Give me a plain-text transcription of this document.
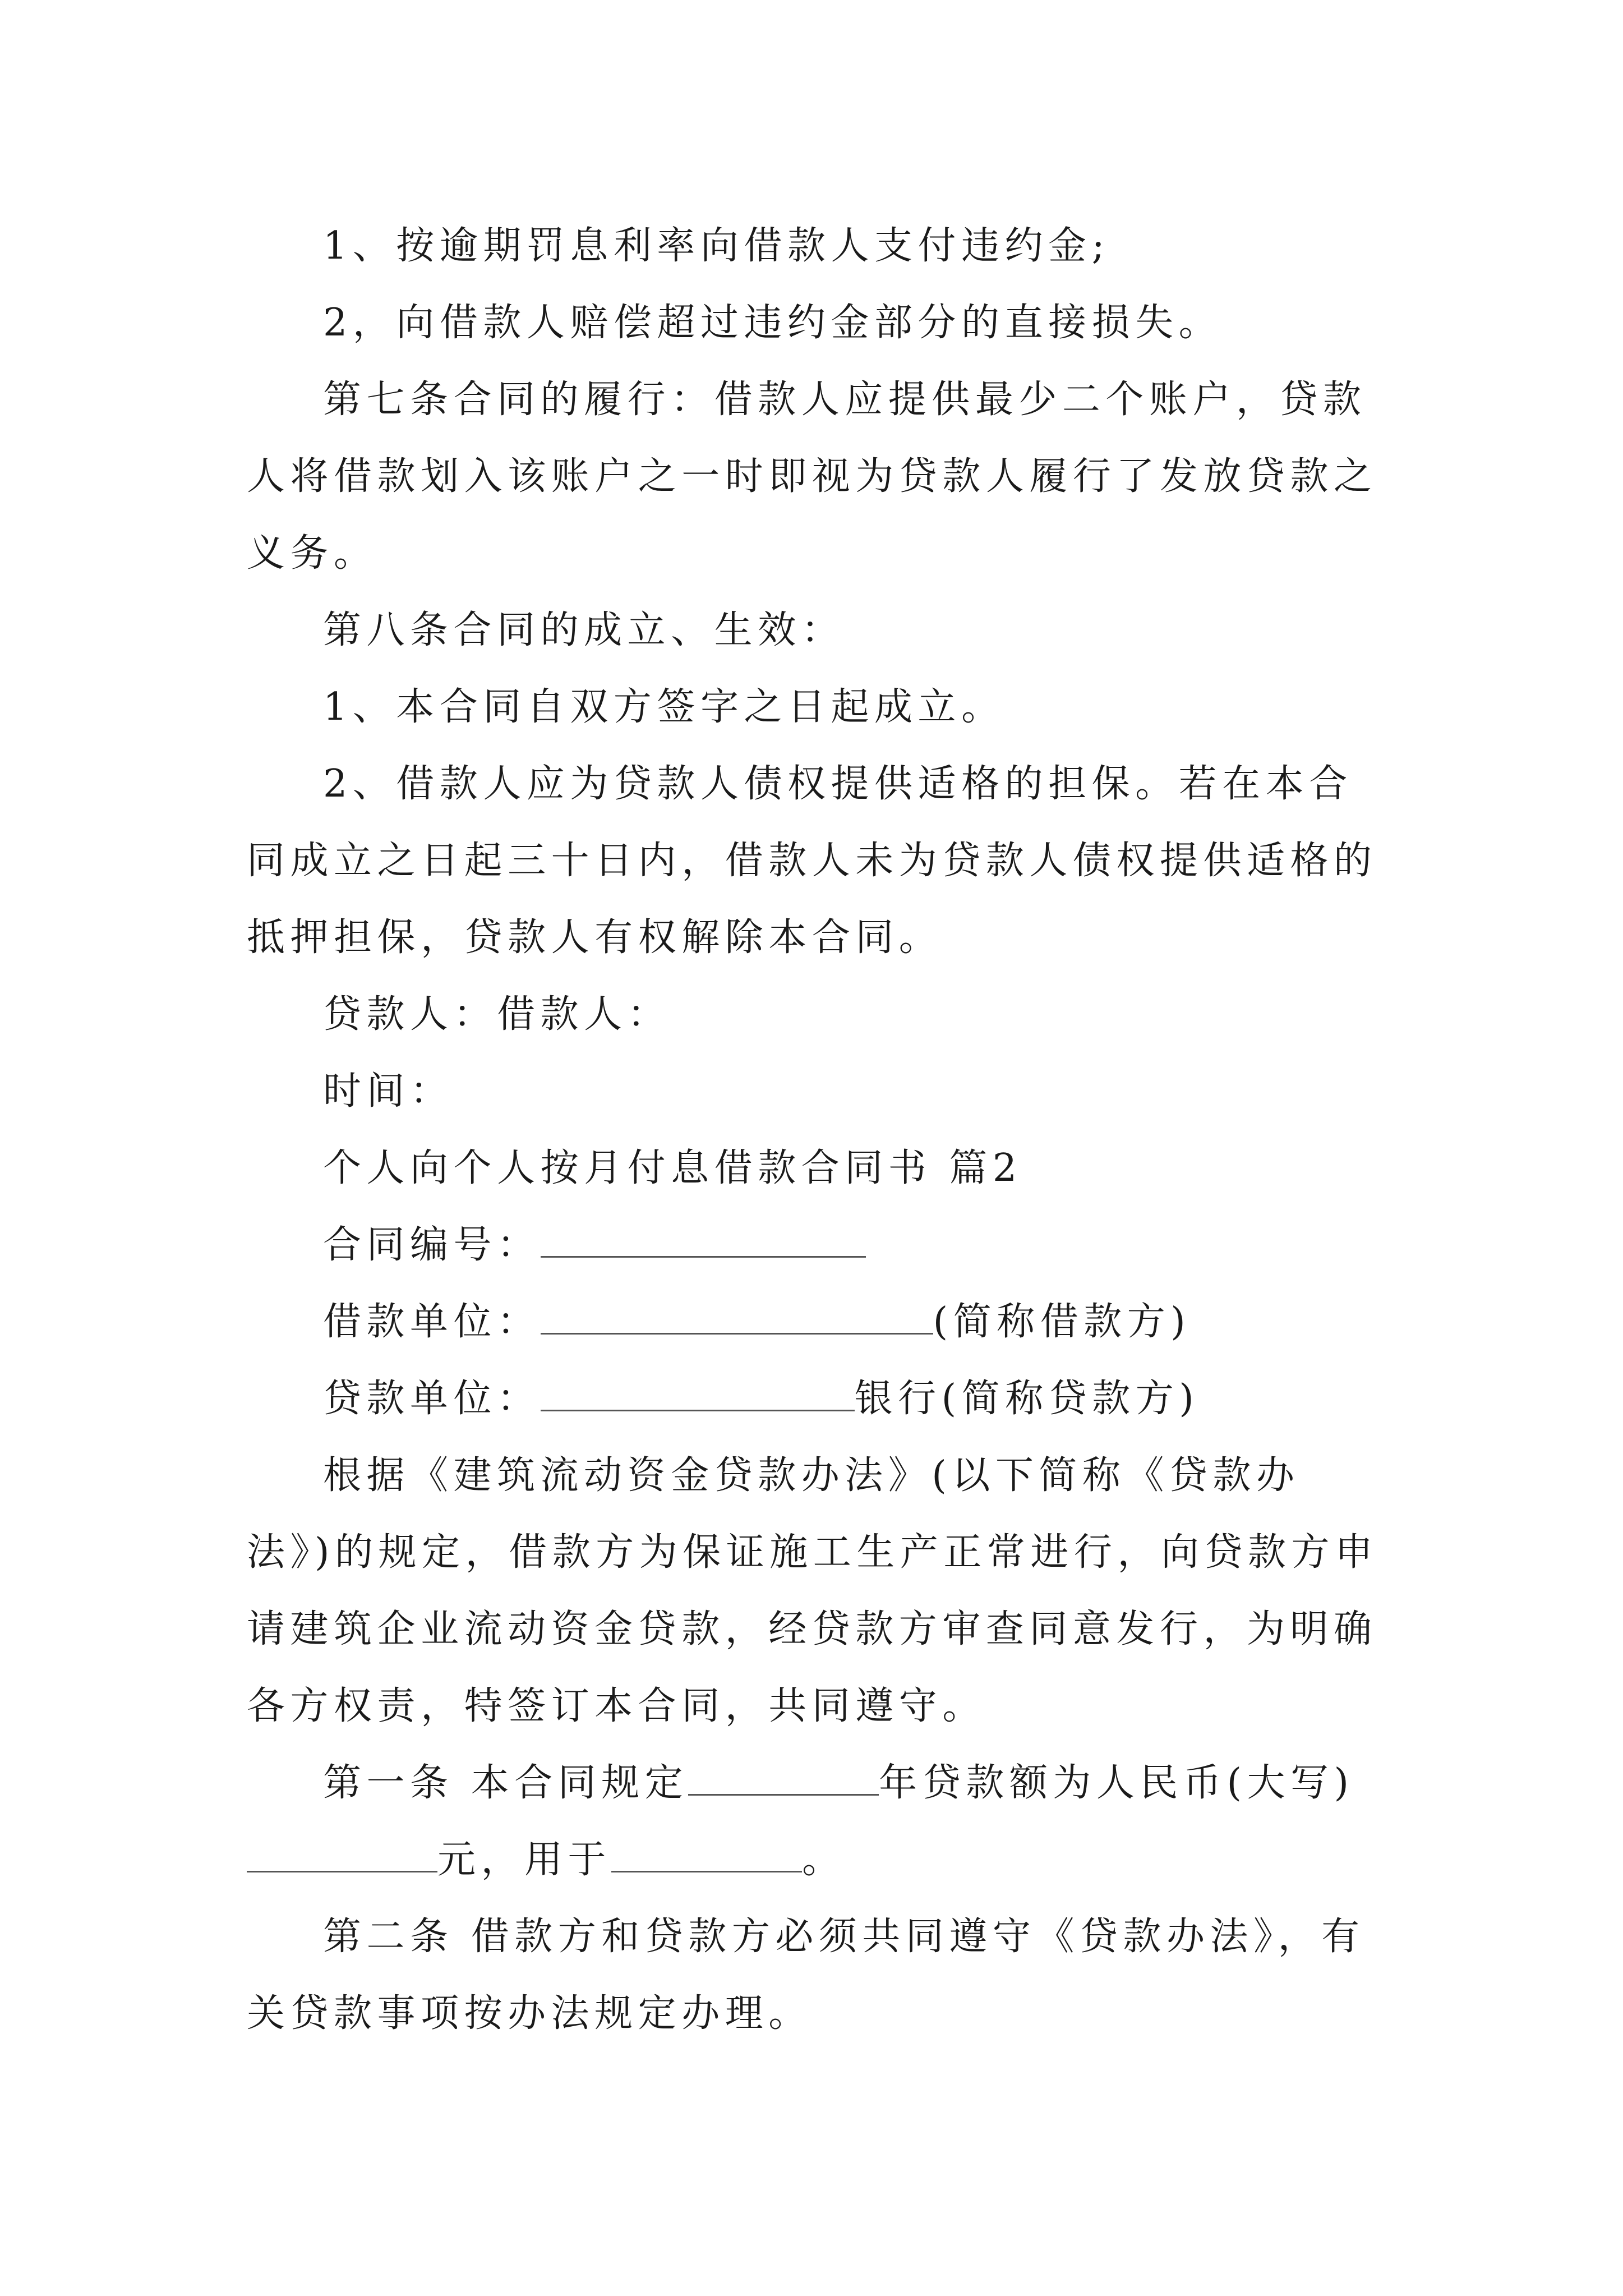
1、按逾期罚息利率向借款人支付违约金;

2，向借款人赔偿超过违约金部分的直接损失。

第七条合同的履行：借款人应提供最少二个账户，贷款人将借款划入该账户之一时即视为贷款人履行了发放贷款之义务。

第八条合同的成立、生效：

1、本合同自双方签字之日起成立。

2、借款人应为贷款人债权提供适格的担保。若在本合同成立之日起三十日内，借款人未为贷款人债权提供适格的抵押担保，贷款人有权解除本合同。

贷款人：借款人：

时间：

个人向个人按月付息借款合同书 篇2

合同编号：

借款单位：	(简称借款方)

贷款单位：	银行(简称贷款方)

根据《建筑流动资金贷款办法》(以下简称《贷款办法》)的规定，借款方为保证施工生产正常进行，向贷款方申请建筑企业流动资金贷款，经贷款方审查同意发行，为明确各方权责，特签订本合同，共同遵守。

第一条 本合同规定	年贷款额为人民币(大写)元，用于	。

第二条 借款方和贷款方必须共同遵守《贷款办法》，有关贷款事项按办法规定办理。
